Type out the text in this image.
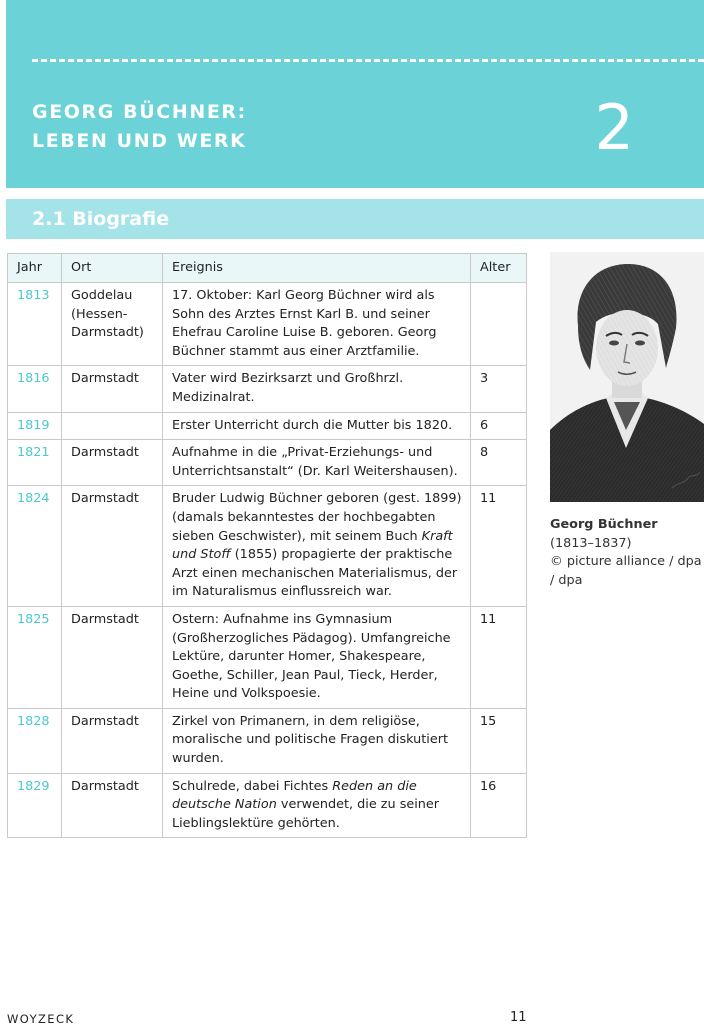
GEORG BÜCHNER:
LEBEN UND WERK	2
2.1 Biografie
Jahr	Ort	Ereignis	Alter
1813	Goddelau (Hessen-Darmstadt)	17. Oktober: Karl Georg Büchner wird als Sohn des Arztes Ernst Karl B. und seiner Ehefrau Caroline Luise B. geboren. Georg Büchner stammt aus einer Arztfamilie.	
1816	Darmstadt	Vater wird Bezirksarzt und Großhrzl. Medizinalrat.	3
1819		Erster Unterricht durch die Mutter bis 1820.	6
1821	Darmstadt	Aufnahme in die „Privat-Erziehungs- und Unterrichtsanstalt“ (Dr. Karl Weitershausen).	8
1824	Darmstadt	Bruder Ludwig Büchner geboren (gest. 1899) (damals bekanntestes der hochbegabten sieben Geschwister), mit seinem Buch Kraft und Stoff (1855) propagierte der praktische Arzt einen mechanischen Materialismus, der im Naturalismus einflussreich war.	11
1825	Darmstadt	Ostern: Aufnahme ins Gymnasium (Großherzogliches Pädagog). Umfangreiche Lektüre, darunter Homer, Shakespeare, Goethe, Schiller, Jean Paul, Tieck, Herder, Heine und Volkspoesie.	11
1828	Darmstadt	Zirkel von Primanern, in dem religiöse, moralische und politische Fragen diskutiert wurden.	15
1829	Darmstadt	Schulrede, dabei Fichtes Reden an die deutsche Nation verwendet, die zu seiner Lieblingslektüre gehörten.	16
Georg Büchner
(1813–1837)
© picture alliance / dpa / dpa
WOYZECK	11
